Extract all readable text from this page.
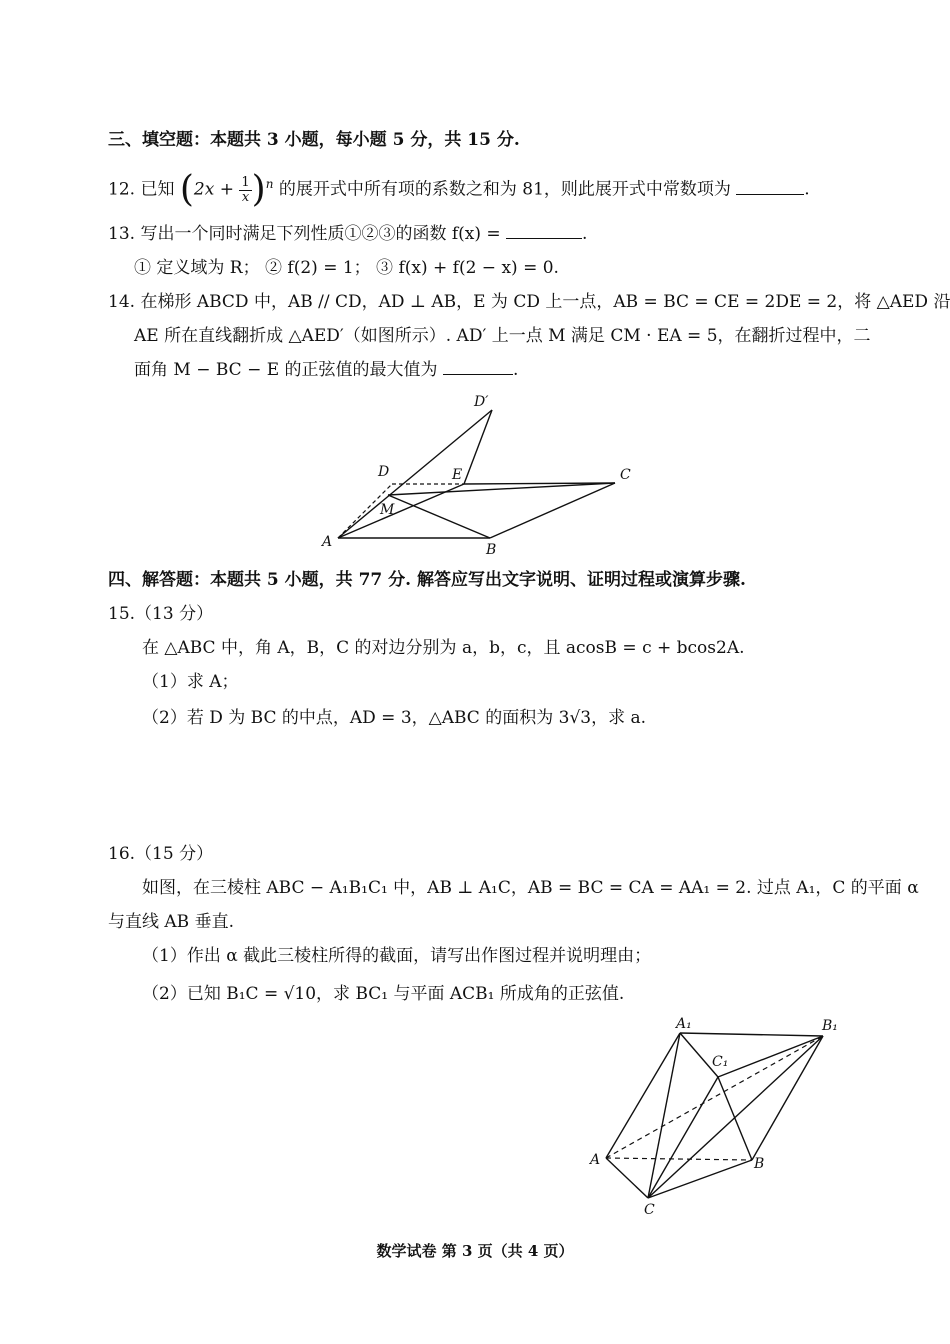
三、填空题：本题共 3 小题，每小题 5 分，共 15 分.
12. 已知 $(2x + \frac{1}{x} )^n$ 的展开式中所有项的系数之和为 81，则此展开式中常数项为	.
13. 写出一个同时满足下列性质①②③的函数 f(x) =	.
① 定义域为 R； ② f(2) = 1； ③ f(x) + f(2 − x) = 0.
14. 在梯形 ABCD 中，AB // CD，AD ⊥ AB，E 为 CD 上一点，AB = BC = CE = 2DE = 2，将 △AED 沿
AE 所在直线翻折成 △AED′（如图所示）. AD′ 上一点 M 满足 CM · EA = 5，在翻折过程中，二
面角 M − BC − E 的正弦值的最大值为	.
D′
D	E	C
M
A	B
四、解答题：本题共 5 小题，共 77 分. 解答应写出文字说明、证明过程或演算步骤.
15.（13 分）
在 △ABC 中，角 A，B，C 的对边分别为 a，b，c，且 acosB = c + bcos2A.
（1）求 A；
（2）若 D 为 BC 的中点，AD = 3，△ABC 的面积为 3√3，求 a.
16.（15 分）
如图，在三棱柱 ABC − A₁B₁C₁ 中，AB ⊥ A₁C，AB = BC = CA = AA₁ = 2. 过点 A₁，C 的平面 α
与直线 AB 垂直.
（1）作出 α 截此三棱柱所得的截面，请写出作图过程并说明理由；
（2）已知 B₁C = √10，求 BC₁ 与平面 ACB₁ 所成角的正弦值.
A₁	B₁
C₁
A	B
C
数学试卷 第 3 页（共 4 页）
